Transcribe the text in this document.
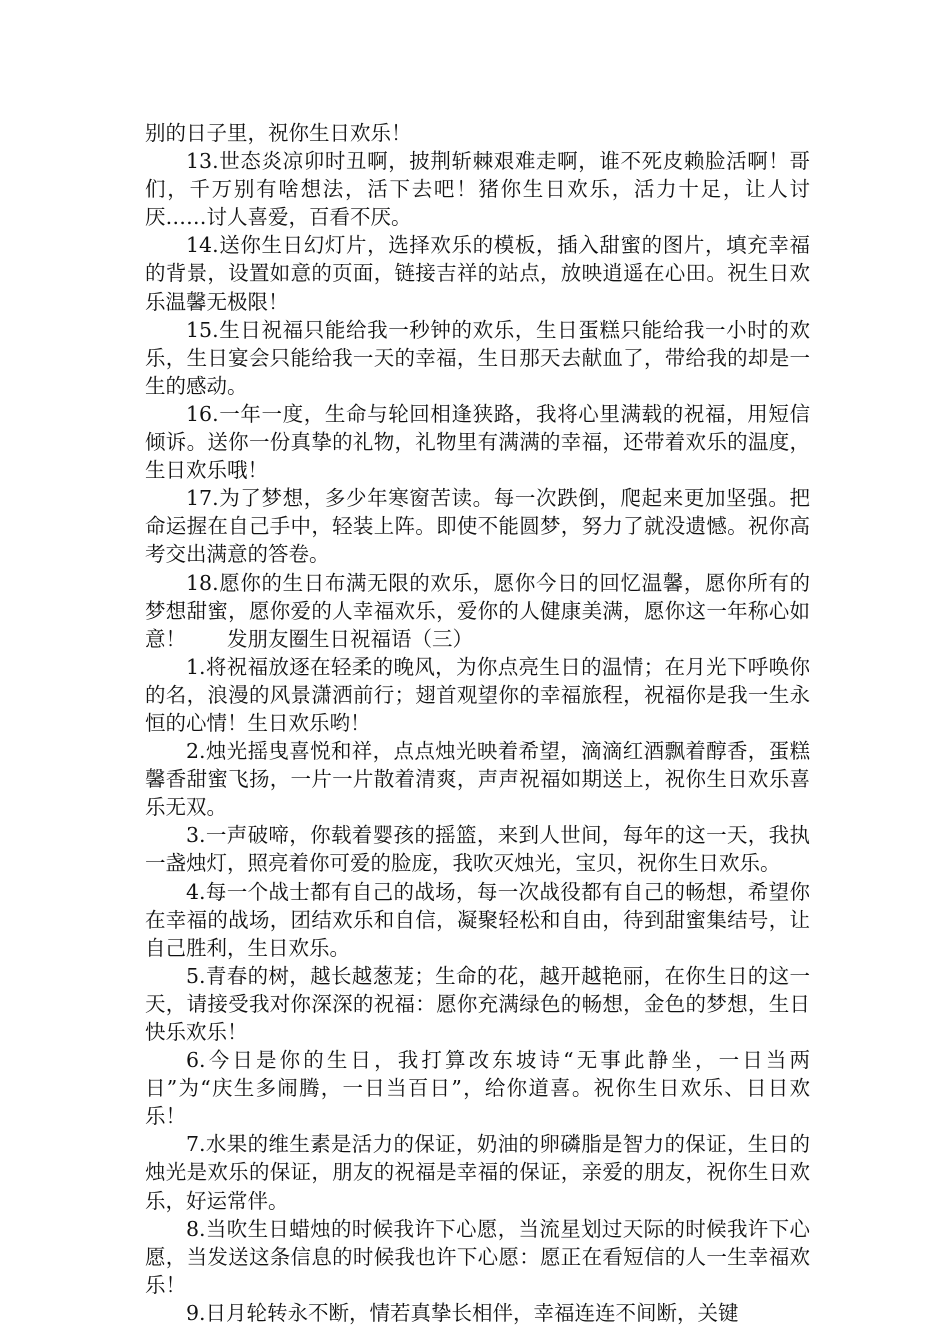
别的日子里，祝你生日欢乐！

13.世态炎凉卯时丑啊，披荆斩棘艰难走啊，谁不死皮赖脸活啊！哥们，千万别有啥想法，活下去吧！猪你生日欢乐，活力十足，让人讨厌……讨人喜爱，百看不厌。

14.送你生日幻灯片，选择欢乐的模板，插入甜蜜的图片，填充幸福的背景，设置如意的页面，链接吉祥的站点，放映逍遥在心田。祝生日欢乐温馨无极限！

15.生日祝福只能给我一秒钟的欢乐，生日蛋糕只能给我一小时的欢乐，生日宴会只能给我一天的幸福，生日那天去献血了，带给我的却是一生的感动。

16.一年一度，生命与轮回相逢狭路，我将心里满载的祝福，用短信倾诉。送你一份真挚的礼物，礼物里有满满的幸福，还带着欢乐的温度，生日欢乐哦！

17.为了梦想，多少年寒窗苦读。每一次跌倒，爬起来更加坚强。把命运握在自己手中，轻装上阵。即使不能圆梦，努力了就没遗憾。祝你高考交出满意的答卷。

18.愿你的生日布满无限的欢乐，愿你今日的回忆温馨，愿你所有的梦想甜蜜，愿你爱的人幸福欢乐，爱你的人健康美满，愿你这一年称心如意！ 发朋友圈生日祝福语（三）

1.将祝福放逐在轻柔的晚风，为你点亮生日的温情；在月光下呼唤你的名，浪漫的风景潇洒前行；翅首观望你的幸福旅程，祝福你是我一生永恒的心情！生日欢乐哟！

2.烛光摇曳喜悦和祥，点点烛光映着希望，滴滴红酒飘着醇香，蛋糕馨香甜蜜飞扬，一片一片散着清爽，声声祝福如期送上，祝你生日欢乐喜乐无双。

3.一声破啼，你载着婴孩的摇篮，来到人世间，每年的这一天，我执一盏烛灯，照亮着你可爱的脸庞，我吹灭烛光，宝贝，祝你生日欢乐。

4.每一个战士都有自己的战场，每一次战役都有自己的畅想，希望你在幸福的战场，团结欢乐和自信，凝聚轻松和自由，待到甜蜜集结号，让自己胜利，生日欢乐。

5.青春的树，越长越葱茏；生命的花，越开越艳丽，在你生日的这一天，请接受我对你深深的祝福：愿你充满绿色的畅想，金色的梦想，生日快乐欢乐！

6.今日是你的生日，我打算改东坡诗“无事此静坐，一日当两日”为“庆生多闹腾，一日当百日”，给你道喜。祝你生日欢乐、日日欢乐！

7.水果的维生素是活力的保证，奶油的卵磷脂是智力的保证，生日的烛光是欢乐的保证，朋友的祝福是幸福的保证，亲爱的朋友，祝你生日欢乐，好运常伴。

8.当吹生日蜡烛的时候我许下心愿，当流星划过天际的时候我许下心愿，当发送这条信息的时候我也许下心愿：愿正在看短信的人一生幸福欢乐！

9.日月轮转永不断，情若真挚长相伴，幸福连连不间断，关键
